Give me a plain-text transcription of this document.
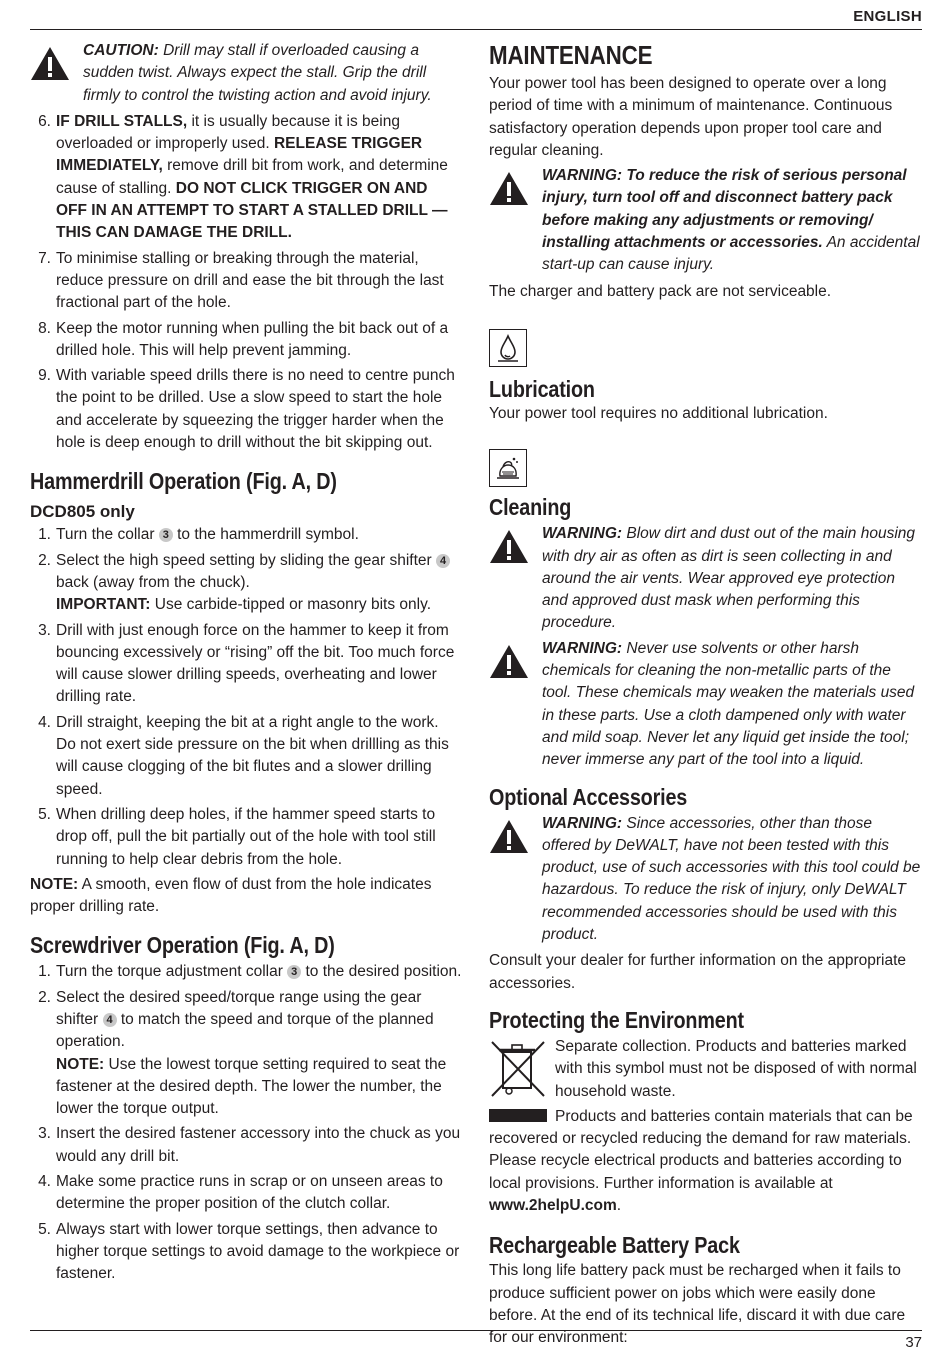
ENGLISH

CAUTION: Drill may stall if overloaded causing a sudden twist. Always expect the stall. Grip the drill firmly to control the twisting action and avoid injury.

6. IF DRILL STALLS, it is usually because it is being overloaded or improperly used. RELEASE TRIGGER IMMEDIATELY, remove drill bit from work, and determine cause of stalling. DO NOT CLICK TRIGGER ON AND OFF IN AN ATTEMPT TO START A STALLED DRILL — THIS CAN DAMAGE THE DRILL.
7. To minimise stalling or breaking through the material, reduce pressure on drill and ease the bit through the last fractional part of the hole.
8. Keep the motor running when pulling the bit back out of a drilled hole. This will help prevent jamming.
9. With variable speed drills there is no need to centre punch the point to be drilled. Use a slow speed to start the hole and accelerate by squeezing the trigger harder when the hole is deep enough to drill without the bit skipping out.
Hammerdrill Operation (Fig. A, D)
DCD805 only
1. Turn the collar 3 to the hammerdrill symbol.
2. Select the high speed setting by sliding the gear shifter 4 back (away from the chuck).
IMPORTANT: Use carbide-tipped or masonry bits only.
3. Drill with just enough force on the hammer to keep it from bouncing excessively or “rising” off the bit. Too much force will cause slower drilling speeds, overheating and lower drilling rate.
4. Drill straight, keeping the bit at a right angle to the work. Do not exert side pressure on the bit when drillling as this will cause clogging of the bit flutes and a slower drilling speed.
5. When drilling deep holes, if the hammer speed starts to drop off, pull the bit partially out of the hole with tool still running to help clear debris from the hole.

NOTE: A smooth, even flow of dust from the hole indicates proper drilling rate.

Screwdriver Operation (Fig. A, D)
1. Turn the torque adjustment collar 3 to the desired position.
2. Select the desired speed/torque range using the gear shifter 4 to match the speed and torque of the planned operation.
NOTE: Use the lowest torque setting required to seat the fastener at the desired depth. The lower the number, the lower the torque output.
3. Insert the desired fastener accessory into the chuck as you would any drill bit.
4. Make some practice runs in scrap or on unseen areas to determine the proper position of the clutch collar.
5. Always start with lower torque settings, then advance to higher torque settings to avoid damage to the workpiece or fastener.
MAINTENANCE

Your power tool has been designed to operate over a long period of time with a minimum of maintenance. Continuous satisfactory operation depends upon proper tool care and regular cleaning.

WARNING: To reduce the risk of serious personal injury, turn tool off and disconnect battery pack before making any adjustments or removing/ installing attachments or accessories. An accidental start-up can cause injury.

The charger and battery pack are not serviceable.

Lubrication

Your power tool requires no additional lubrication.

Cleaning

WARNING: Blow dirt and dust out of the main housing with dry air as often as dirt is seen collecting in and around the air vents. Wear approved eye protection and approved dust mask when performing this procedure.

WARNING: Never use solvents or other harsh chemicals for cleaning the non-metallic parts of the tool. These chemicals may weaken the materials used in these parts. Use a cloth dampened only with water and mild soap. Never let any liquid get inside the tool; never immerse any part of the tool into a liquid.

Optional Accessories

WARNING: Since accessories, other than those offered by DeWALT, have not been tested with this product, use of such accessories with this tool could be hazardous. To reduce the risk of injury, only DeWALT recommended accessories should be used with this product.

Consult your dealer for further information on the appropriate accessories.

Protecting the Environment

Separate collection. Products and batteries marked with this symbol must not be disposed of with normal household waste.

Products and batteries contain materials that can be recovered or recycled reducing the demand for raw materials. Please recycle electrical products and batteries according to local provisions. Further information is available at www.2helpU.com.

Rechargeable Battery Pack

This long life battery pack must be recharged when it fails to produce sufficient power on jobs which were easily done before. At the end of its technical life, discard it with due care for our environment:	37
